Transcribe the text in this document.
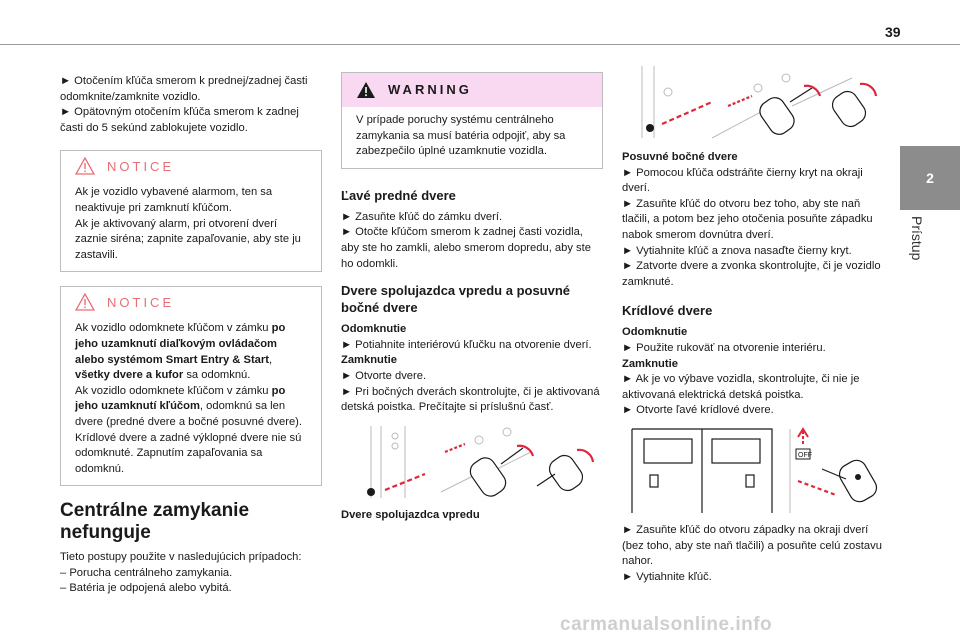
39
2
Prístup

► Otočením kľúča smerom k prednej/zadnej časti odomknite/zamknite vozidlo.

► Opätovným otočením kľúča smerom k zadnej časti do 5 sekúnd zablokujete vozidlo.

NOTICE

Ak je vozidlo vybavené alarmom, ten sa neaktivuje pri zamknutí kľúčom.

Ak je aktivovaný alarm, pri otvorení dverí zaznie siréna; zapnite zapaľovanie, aby ste ju zastavili.

NOTICE

Ak vozidlo odomknete kľúčom v zámku po jeho uzamknutí diaľkovým ovládačom alebo systémom Smart Entry & Start, všetky dvere a kufor sa odomknú.

Ak vozidlo odomknete kľúčom v zámku po jeho uzamknutí kľúčom, odomknú sa len dvere (predné dvere a bočné posuvné dvere).

Krídlové dvere a zadné výklopné dvere nie sú odomknuté. Zapnutím zapaľovania sa odomknú.

Centrálne zamykanie nefunguje

Tieto postupy použite v nasledujúcich prípadoch:

– Porucha centrálneho zamykania.

– Batéria je odpojená alebo vybitá.

WARNING

V prípade poruchy systému centrálneho zamykania sa musí batéria odpojiť, aby sa zabezpečilo úplné uzamknutie vozidla.

Ľavé predné dvere

► Zasuňte kľúč do zámku dverí.

► Otočte kľúčom smerom k zadnej časti vozidla, aby ste ho zamkli, alebo smerom dopredu, aby ste ho odomkli.

Dvere spolujazdca vpredu a posuvné bočné dvere

Odomknutie

► Potiahnite interiérovú kľučku na otvorenie dverí.

Zamknutie

► Otvorte dvere.

► Pri bočných dverách skontrolujte, či je aktivovaná detská poistka. Prečítajte si príslušnú časť.

Dvere spolujazdca vpredu

Posuvné bočné dvere

► Pomocou kľúča odstráňte čierny kryt na okraji dverí.

► Zasuňte kľúč do otvoru bez toho, aby ste naň tlačili, a potom bez jeho otočenia posuňte západku nabok smerom dovnútra dverí.

► Vytiahnite kľúč a znova nasaďte čierny kryt.

► Zatvorte dvere a zvonka skontrolujte, či je vozidlo zamknuté.

Krídlové dvere

Odomknutie

► Použite rukoväť na otvorenie interiéru.

Zamknutie

► Ak je vo výbave vozidla, skontrolujte, či nie je aktivovaná elektrická detská poistka.

► Otvorte ľavé krídlové dvere.

OFF

► Zasuňte kľúč do otvoru západky na okraji dverí (bez toho, aby ste naň tlačili) a posuňte celú zostavu nahor.

► Vytiahnite kľúč.

carmanualsonline.info
